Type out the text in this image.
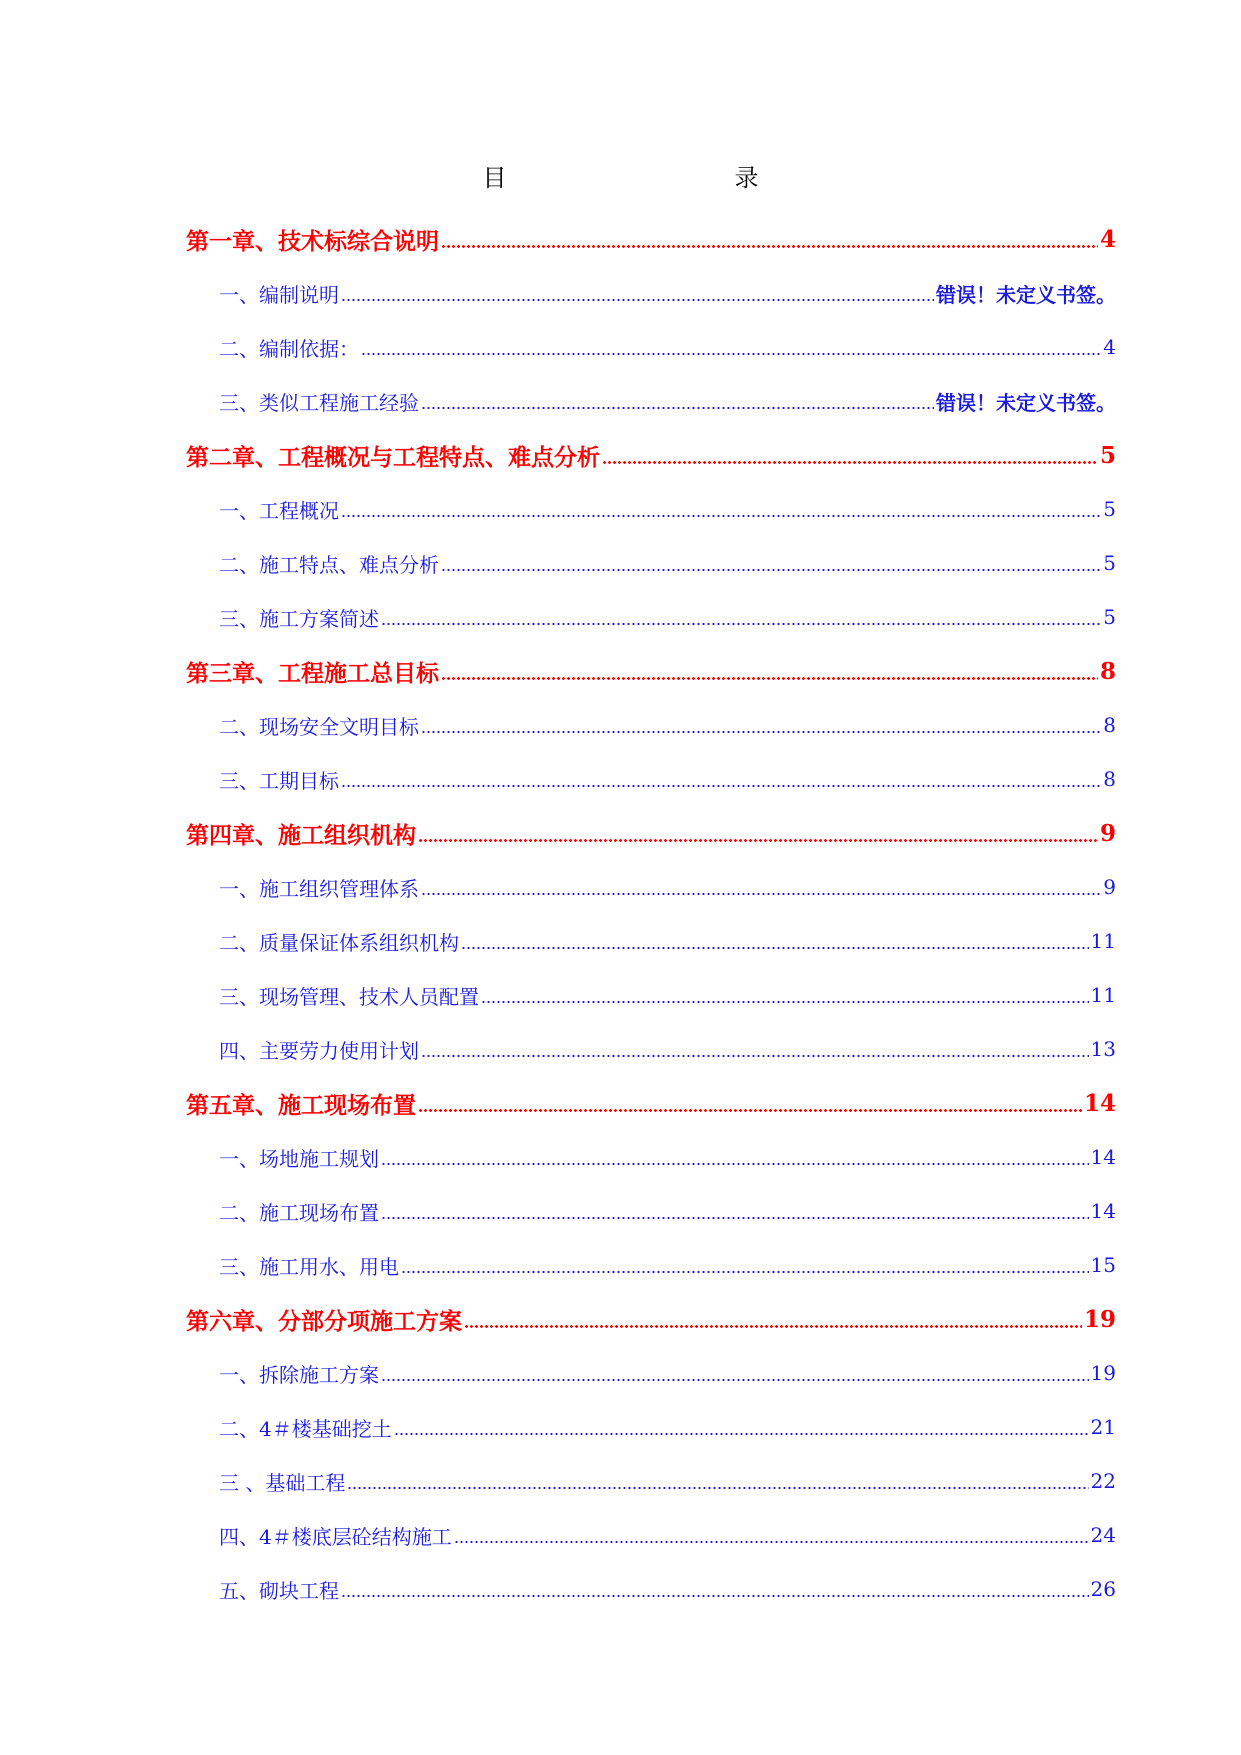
目　　录
第一章、技术标综合说明	4
一、编制说明	错误！未定义书签。
二、编制依据：	4
三、类似工程施工经验	错误！未定义书签。
第二章、工程概况与工程特点、难点分析	5
一、工程概况	5
二、施工特点、难点分析	5
三、施工方案简述	5
第三章、工程施工总目标	8
二、现场安全文明目标	8
三、工期目标	8
第四章、施工组织机构	9
一、施工组织管理体系	9
二、质量保证体系组织机构	11
三、现场管理、技术人员配置	11
四、主要劳力使用计划	13
第五章、施工现场布置	14
一、场地施工规划	14
二、施工现场布置	14
三、施工用水、用电	15
第六章、分部分项施工方案	19
一、拆除施工方案	19
二、4＃楼基础挖土	21
三 、基础工程	22
四、4＃楼底层砼结构施工	24
五、砌块工程	26
